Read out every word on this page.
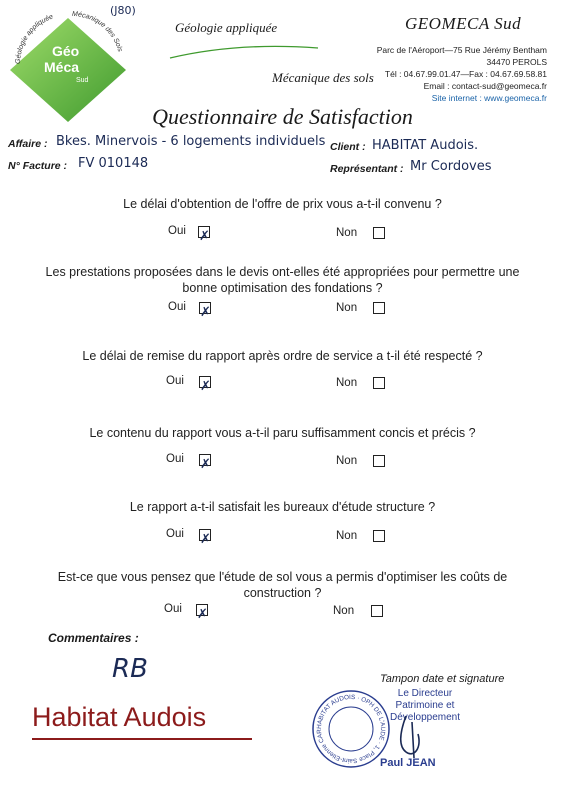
Géologie appliquée	Mécanique des Sols
Géo
Méca
Sud
(J80)
Géologie appliquée
Mécanique des sols
GEOMECA Sud
Parc de l'Aéroport—75 Rue Jérémy Bentham
34470 PEROLS
Tél : 04.67.99.01.47—Fax : 04.67.69.58.81
Email : contact-sud@geomeca.fr
Site internet : www.geomeca.fr
Questionnaire de Satisfaction
Affaire : Bkes. Minervois - 6 logements individuels Client : HABITAT Audois.
N° Facture : FV 010148	Représentant : Mr Cordoves
Le délai d'obtention de l'offre de prix vous a-t-il convenu ?
Oui ✗	Non
Les prestations proposées dans le devis ont-elles été appropriées pour permettre une bonne optimisation des fondations ?
Oui ✗	Non
Le délai de remise du rapport après ordre de service a t-il été respecté ?
Oui ✗	Non
Le contenu du rapport vous a-t-il paru suffisamment concis et précis ?
Oui ✗	Non
Le rapport a-t-il satisfait les bureaux d'étude structure ?
Oui ✗	Non
Est-ce que vous pensez que l'étude de sol vous a permis d'optimiser les coûts de construction ?
Oui ✗	Non
Commentaires :
RB
Habitat Audois
Tampon date et signature
HABITAT AUDOIS · OPH DE L'AUDE · 1, Place Saint-Etienne CAR
Le Directeur
Patrimoine et Développement
Paul JEAN
